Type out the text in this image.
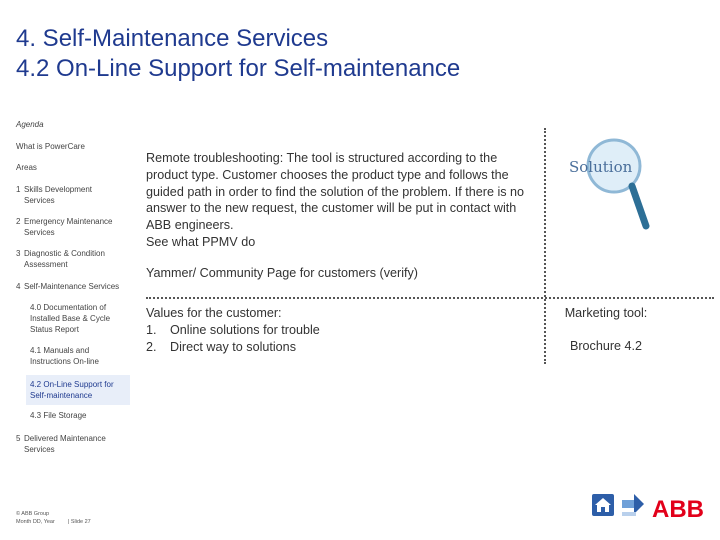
4. Self-Maintenance Services
4.2 On-Line Support for Self-maintenance
Agenda
What is PowerCare
Areas
1 Skills Development Services
2 Emergency Maintenance Services
3 Diagnostic & Condition Assessment
4 Self-Maintenance Services
4.0 Documentation of Installed Base & Cycle Status Report
4.1 Manuals and Instructions On-line
4.2 On-Line Support for Self-maintenance
4.3 File Storage
5 Delivered Maintenance Services
Remote troubleshooting: The tool is structured according to the product type. Customer chooses the product type and follows the guided path in order to find the solution of the problem. If there is no answer to the new request, the customer will be put in contact with ABB engineers.
See what PPMV do
Yammer/ Community Page for customers (verify)
Solution
Values for the customer:
1. Online solutions for trouble
2. Direct way to solutions
Marketing tool:
Brochure 4.2
© ABB Group
Month DD, Year | Slide 27	ABB
